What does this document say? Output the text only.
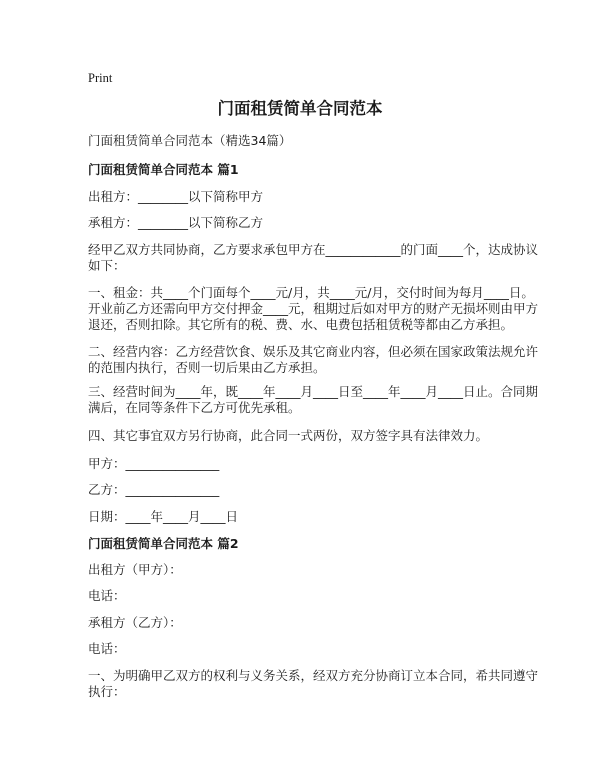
Print
门面租赁简单合同范本
门面租赁简单合同范本（精选34篇）
门面租赁简单合同范本 篇1
出租方：________以下简称甲方
承租方：________以下简称乙方
经甲乙双方共同协商，乙方要求承包甲方在____________的门面____个，达成协议
如下：
一、租金：共____个门面每个____元/月，共____元/月，交付时间为每月____日。
开业前乙方还需向甲方交付押金____元，租期过后如对甲方的财产无损坏则由甲方
退还，否则扣除。其它所有的税、费、水、电费包括租赁税等都由乙方承担。
二、经营内容：乙方经营饮食、娱乐及其它商业内容，但必须在国家政策法规允许
的范围内执行，否则一切后果由乙方承担。
三、经营时间为____年，既____年____月____日至____年____月____日止。合同期
满后，在同等条件下乙方可优先承租。
四、其它事宜双方另行协商，此合同一式两份，双方签字具有法律效力。
甲方：_______________
乙方：_______________
日期：____年____月____日
门面租赁简单合同范本 篇2
出租方（甲方）：
电话：
承租方（乙方）：
电话：
一、为明确甲乙双方的权利与义务关系，经双方充分协商订立本合同，希共同遵守
执行：
